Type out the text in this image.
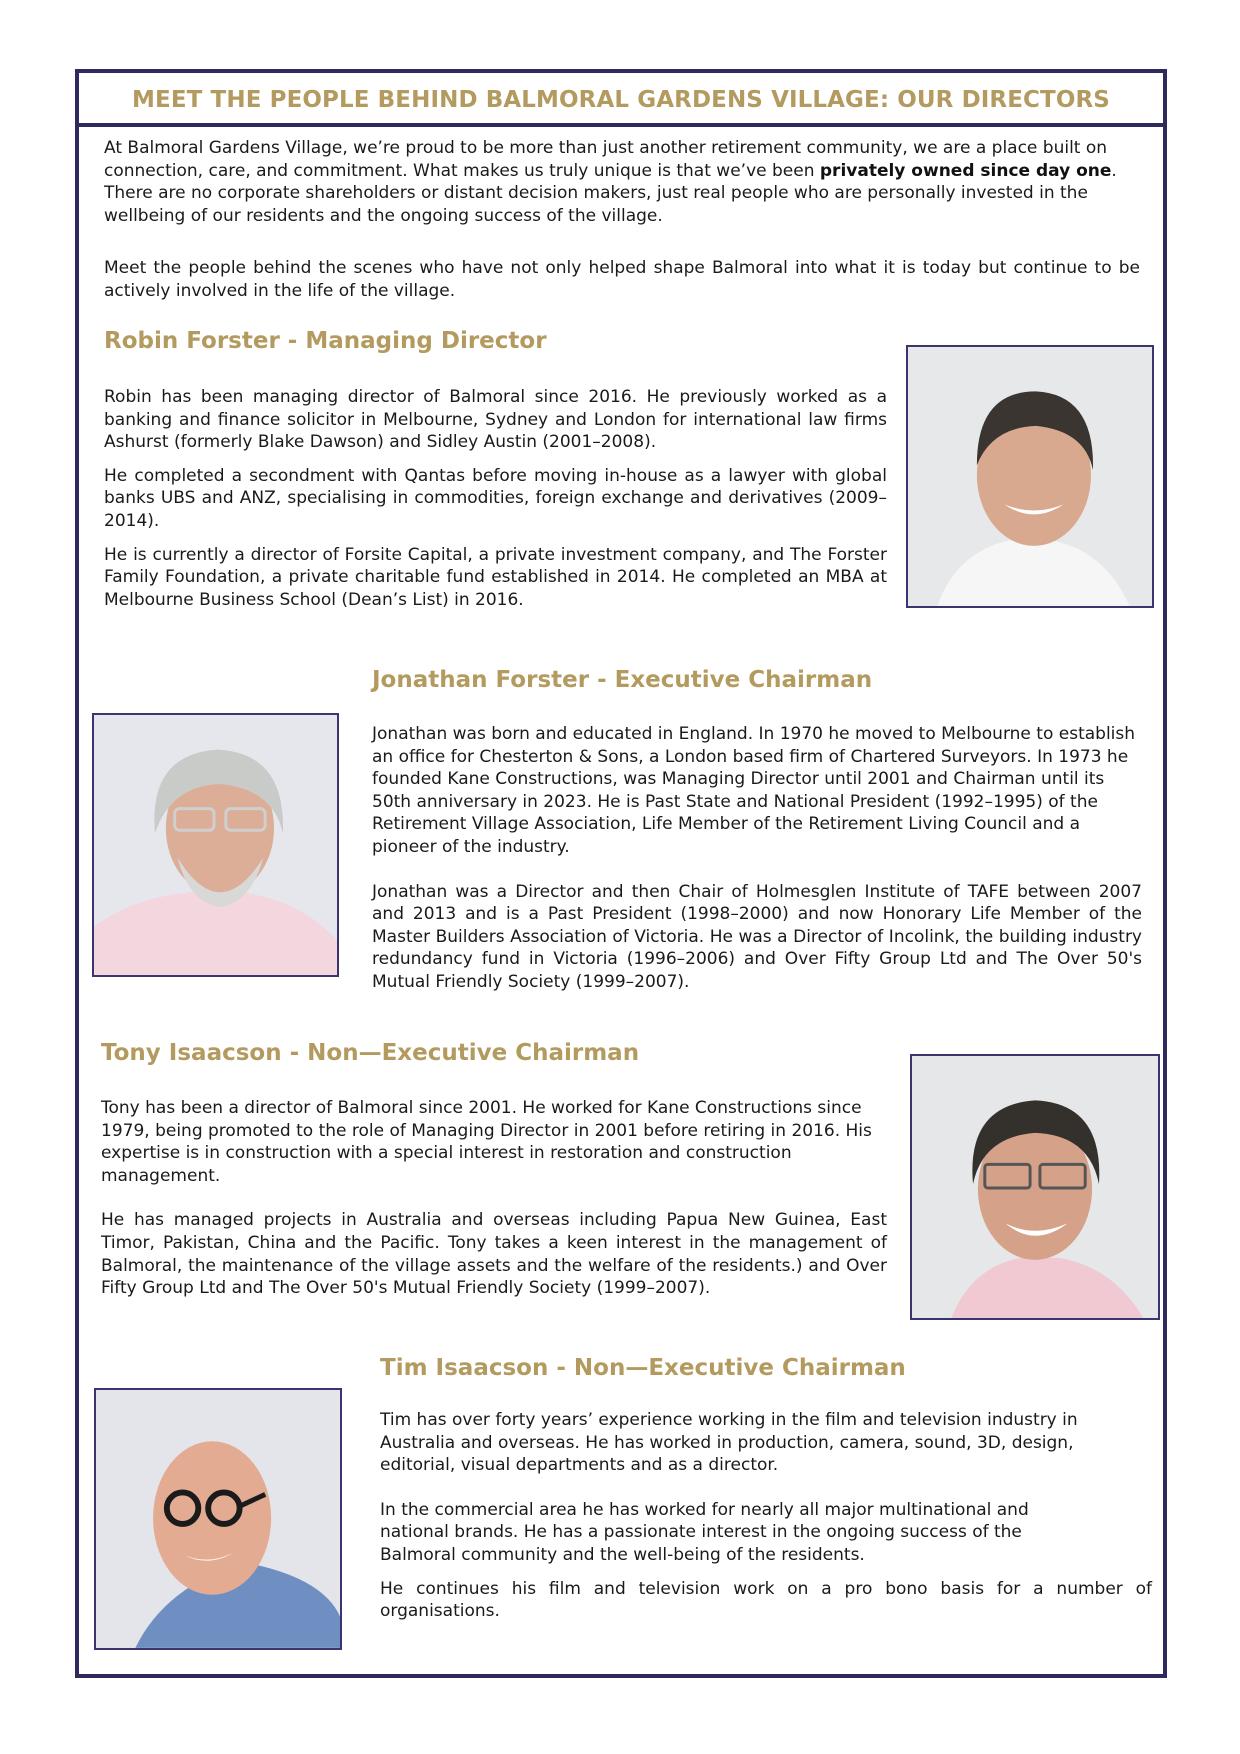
MEET THE PEOPLE BEHIND BALMORAL GARDENS VILLAGE: OUR DIRECTORS

At Balmoral Gardens Village, we’re proud to be more than just another retirement community, we are a place built on connection, care, and commitment. What makes us truly unique is that we’ve been privately owned since day one. There are no corporate shareholders or distant decision makers, just real people who are personally invested in the wellbeing of our residents and the ongoing success of the village.

Meet the people behind the scenes who have not only helped shape Balmoral into what it is today but continue to be actively involved in the life of the village.

Robin Forster - Managing Director

Robin has been managing director of Balmoral since 2016. He previously worked as a banking and finance solicitor in Melbourne, Sydney and London for international law firms Ashurst (formerly Blake Dawson) and Sidley Austin (2001–2008).

He completed a secondment with Qantas before moving in-house as a lawyer with global banks UBS and ANZ, specialising in commodities, foreign exchange and derivatives (2009–2014).

He is currently a director of Forsite Capital, a private investment company, and The Forster Family Foundation, a private charitable fund established in 2014. He completed an MBA at Melbourne Business School (Dean’s List) in 2016.

Jonathan Forster - Executive Chairman

Jonathan was born and educated in England. In 1970 he moved to Melbourne to establish an office for Chesterton & Sons, a London based firm of Chartered Surveyors. In 1973 he founded Kane Constructions, was Managing Director until 2001 and Chairman until its 50th anniversary in 2023. He is Past State and National President (1992–1995) of the Retirement Village Association, Life Member of the Retirement Living Council and a pioneer of the industry.

Jonathan was a Director and then Chair of Holmesglen Institute of TAFE between 2007 and 2013 and is a Past President (1998–2000) and now Honorary Life Member of the Master Builders Association of Victoria. He was a Director of Incolink, the building industry redundancy fund in Victoria (1996–2006) and Over Fifty Group Ltd and The Over 50's Mutual Friendly Society (1999–2007).

Tony Isaacson - Non—Executive Chairman

Tony has been a director of Balmoral since 2001. He worked for Kane Constructions since 1979, being promoted to the role of Managing Director in 2001 before retiring in 2016. His expertise is in construction with a special interest in restoration and construction management.

He has managed projects in Australia and overseas including Papua New Guinea, East Timor, Pakistan, China and the Pacific. Tony takes a keen interest in the management of Balmoral, the maintenance of the village assets and the welfare of the residents.) and Over Fifty Group Ltd and The Over 50's Mutual Friendly Society (1999–2007).

Tim Isaacson - Non—Executive Chairman

Tim has over forty years’ experience working in the film and television industry in Australia and overseas. He has worked in production, camera, sound, 3D, design, editorial, visual departments and as a director.

In the commercial area he has worked for nearly all major multinational and national brands. He has a passionate interest in the ongoing success of the Balmoral community and the well-being of the residents.

He continues his film and television work on a pro bono basis for a number of organisations.
